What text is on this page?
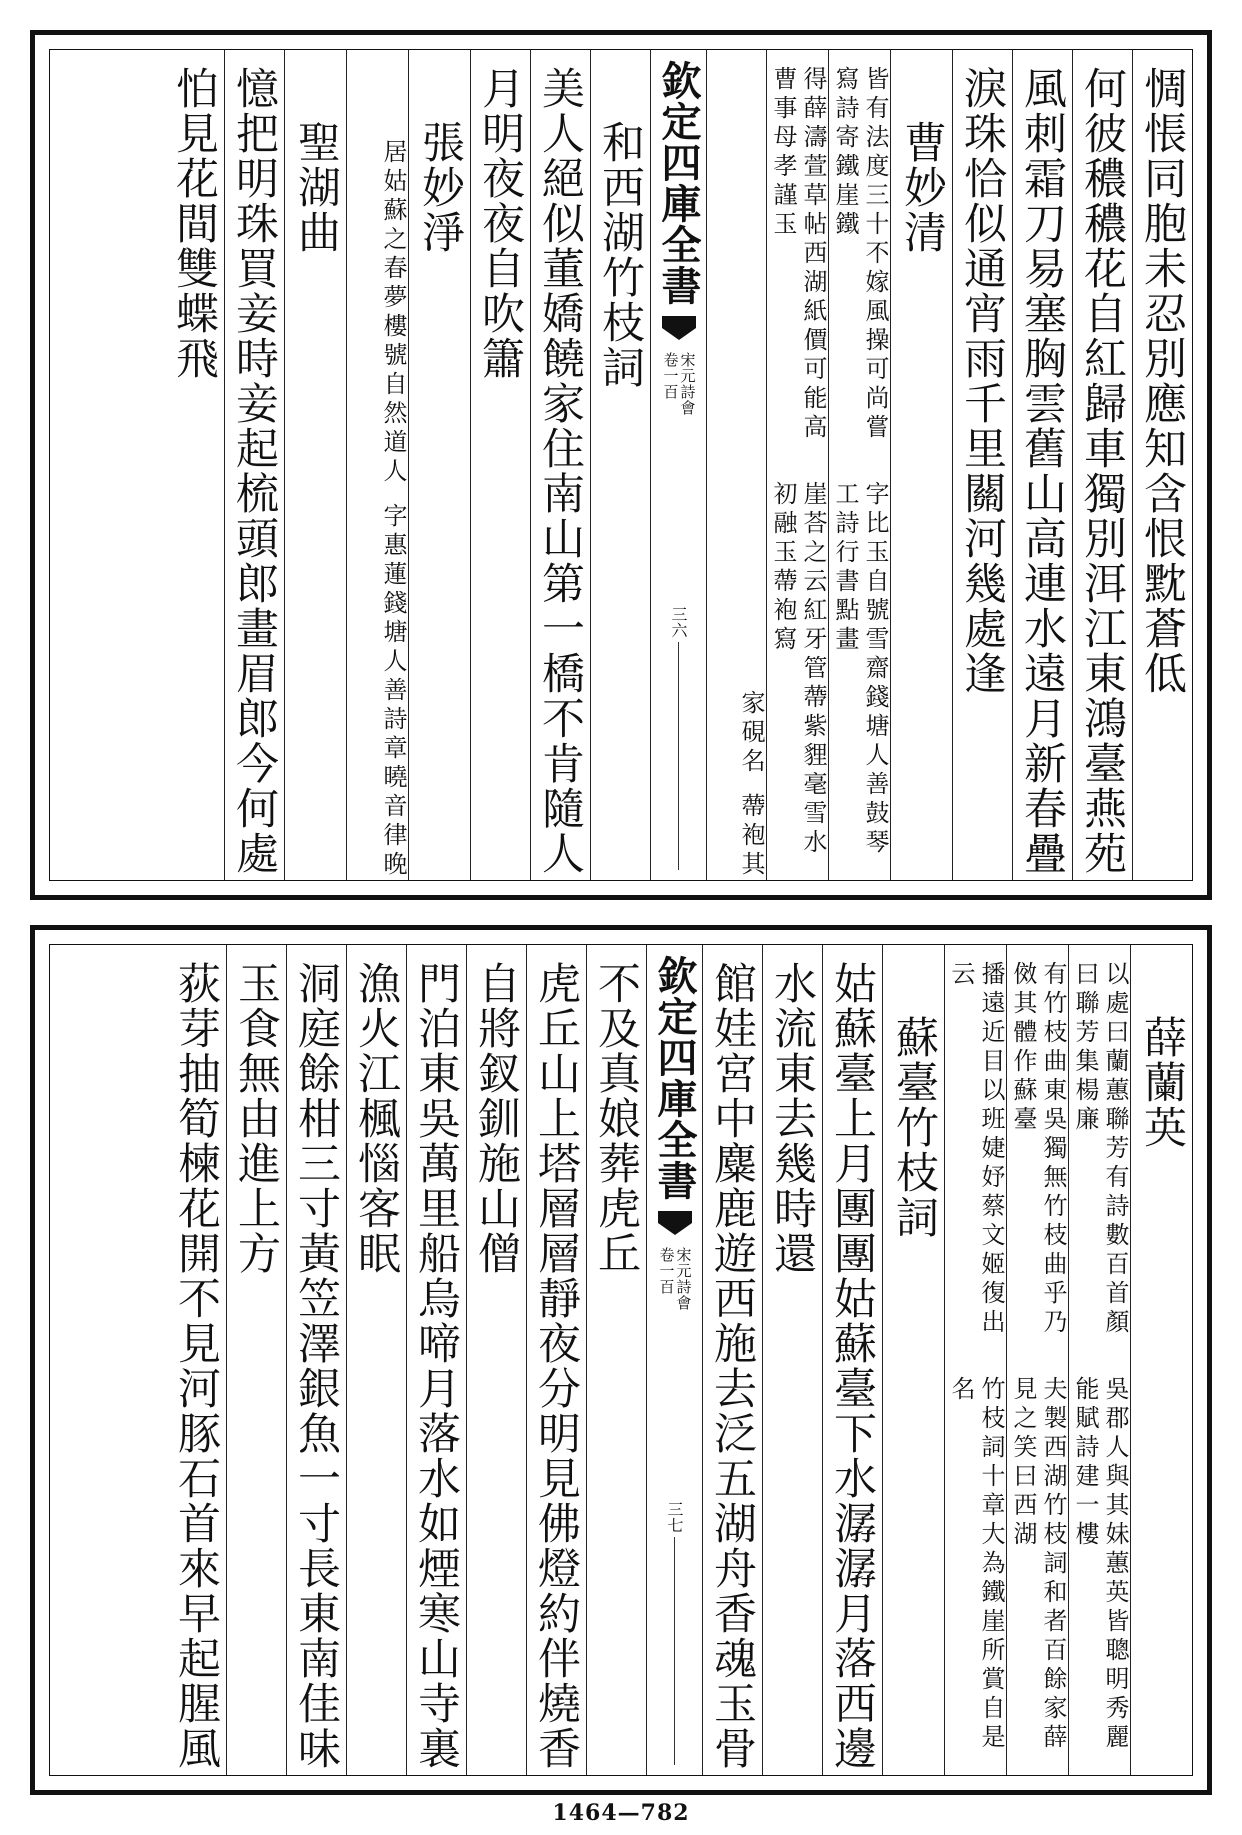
惆悵同胞未忍別應知含恨黕蒼低
何彼穠穠花自紅歸車獨別洱江東鴻臺燕苑
風刺霜刀易塞胸雲舊山高連水遠月新春疊
淚珠恰似通宵雨千里關河幾處逢
曹妙清
字比玉自號雪齋錢塘人善鼓琴工詩行書點畫
皆有法度三十不嫁風操可尚嘗寫詩寄鐵崖鐵
崖荅之云紅牙管蔕紫貍毫雪水初融玉蔕袍寫
得薛濤萱草帖西湖紙價可能高曹事母孝謹玉
蔕袍其
家硯名
欽定四庫全書
宋元詩會
卷一百
三六
和西湖竹枝詞
美人絕似董嬌饒家住南山第一橋不肯隨人
月明夜夜自吹簫
張妙淨
字惠蓮錢塘人善詩章曉音律晚
居姑蘇之春夢樓號自然道人
聖湖曲
憶把明珠買妾時妾起梳頭郎畫眉郎今何處
怕見花間雙蝶飛
薛蘭英
吳郡人與其妹蕙英皆聰明秀麗能賦詩建一樓
以處曰蘭蕙聯芳有詩數百首顏曰聯芳集楊廉
夫製西湖竹枝詞和者百餘家薛見之笑曰西湖
有竹枝曲東吳獨無竹枝曲乎乃傚其體作蘇臺
竹枝詞十章大為鐵崖所賞自是名
播遠近目以班婕妤蔡文姬復出云
蘇臺竹枝詞
姑蘇臺上月團團姑蘇臺下水潺潺月落西邊
水流東去幾時還
館娃宮中麋鹿遊西施去泛五湖舟香魂玉骨
欽定四庫全書
宋元詩會
卷一百
三七
不及真娘葬虎丘
虎丘山上塔層層靜夜分明見佛燈約伴燒香
自將釵釧施山僧
門泊東吳萬里船烏啼月落水如煙寒山寺裏
漁火江楓惱客眠
洞庭餘柑三寸黃笠澤銀魚一寸長東南佳味
玉食無由進上方
荻芽抽筍楝花開不見河豚石首來早起腥風
1464—782
